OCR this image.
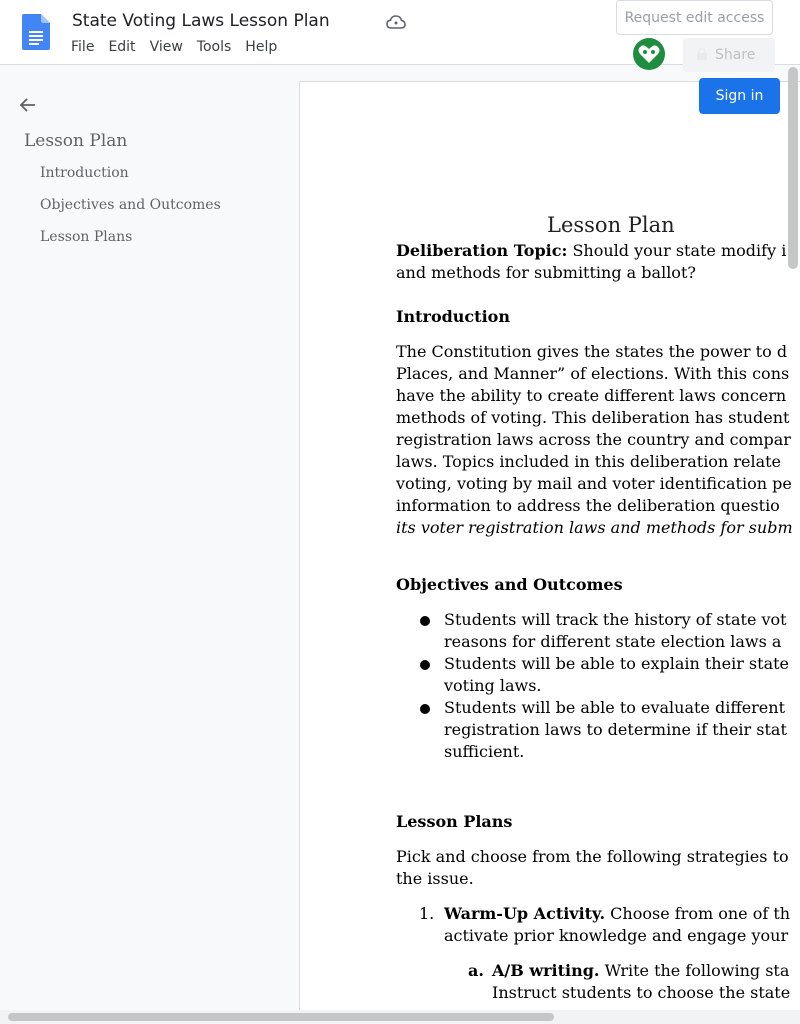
State Voting Laws Lesson Plan
File Edit View Tools Help
Request edit access
Share
Sign in
Lesson Plan
Introduction
Objectives and Outcomes
Lesson Plans	Lesson Plan
Deliberation Topic: Should your state modify i
and methods for submitting a ballot?
Introduction
The Constitution gives the states the power to d
Places, and Manner” of elections. With this cons
have the ability to create different laws concern
methods of voting. This deliberation has student
registration laws across the country and compar
laws. Topics included in this deliberation relate
voting, voting by mail and voter identification pe
information to address the deliberation questio
its voter registration laws and methods for subm
Objectives and Outcomes
Students will track the history of state vot
reasons for different state election laws a
Students will be able to explain their state
voting laws.
Students will be able to evaluate different
registration laws to determine if their stat
sufficient.
Lesson Plans
Pick and choose from the following strategies to
the issue.
1. Warm-Up Activity. Choose from one of th
activate prior knowledge and engage your
a. A/B writing. Write the following sta
Instruct students to choose the state
